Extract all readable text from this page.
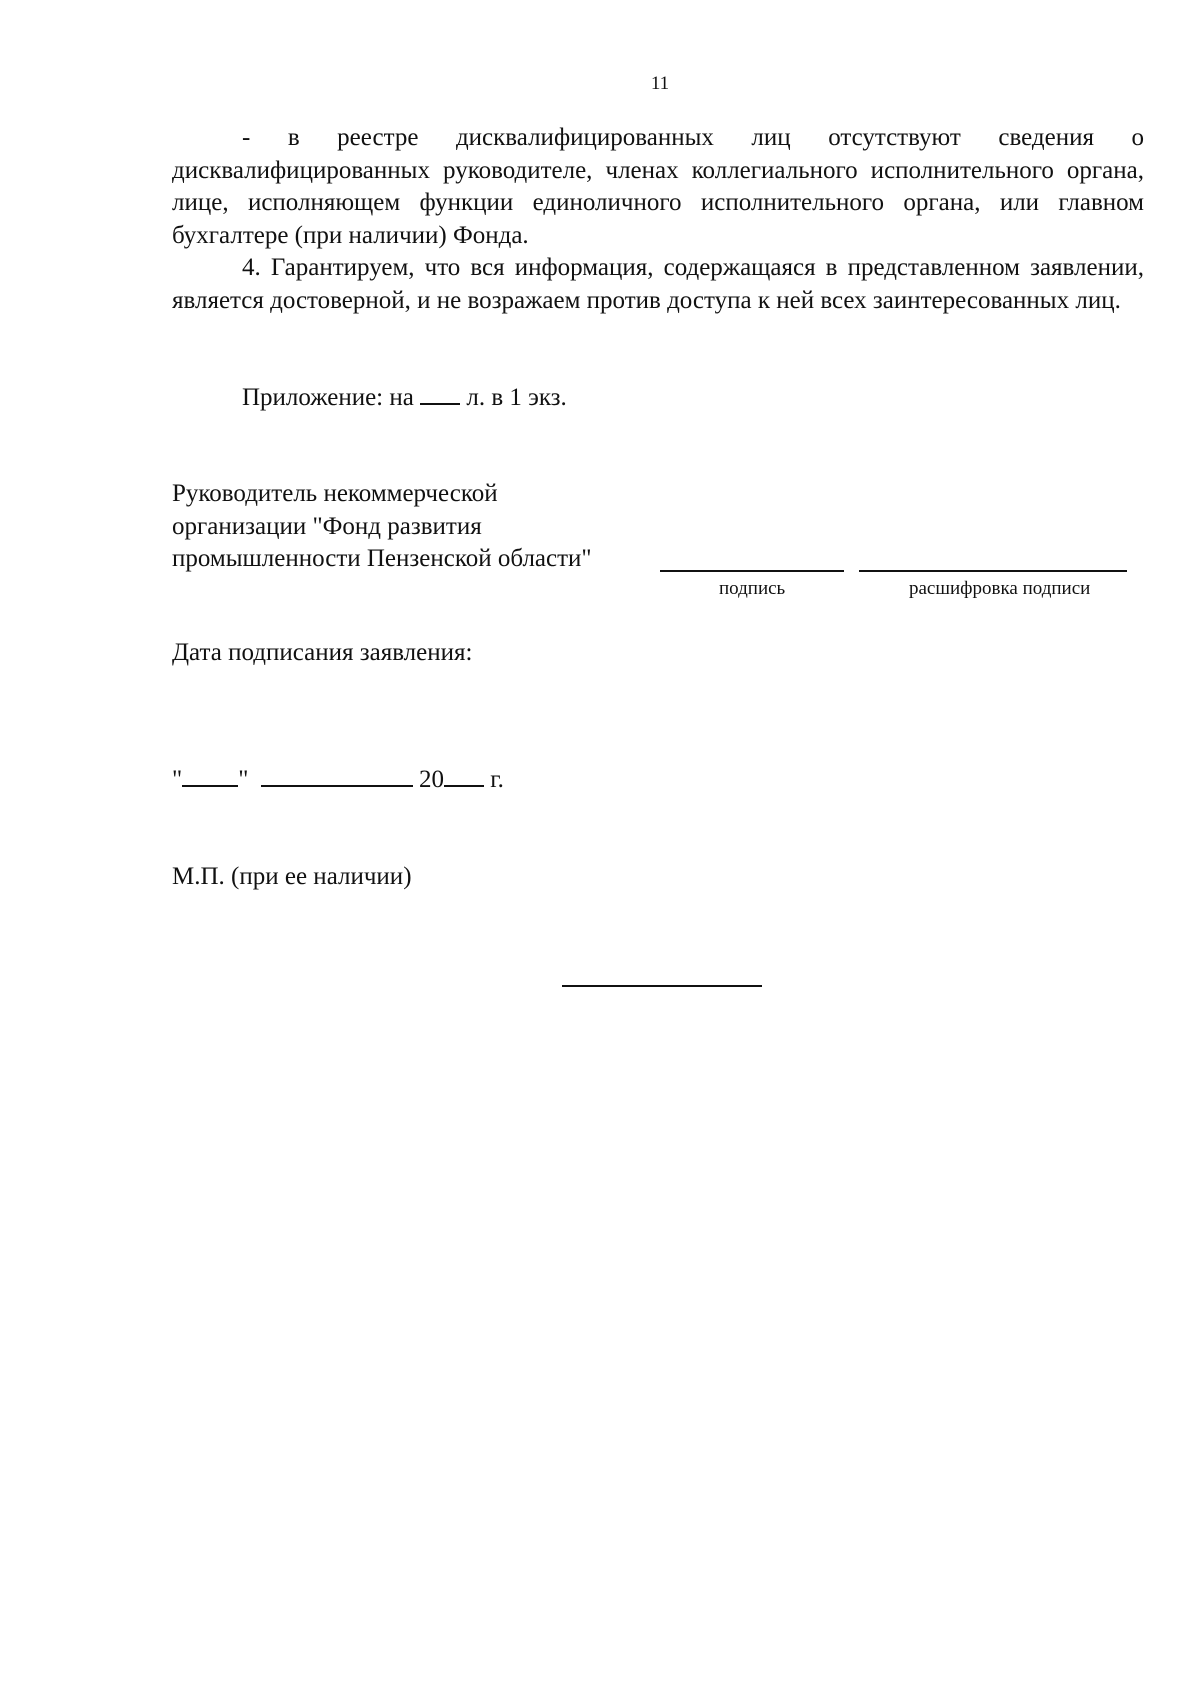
11

- в реестре дисквалифицированных лиц отсутствуют сведения о дисквалифицированных руководителе, членах коллегиального исполнительного органа, лице, исполняющем функции единоличного исполнительного органа, или главном бухгалтере (при наличии) Фонда.

4. Гарантируем, что вся информация, содержащаяся в представленном заявлении, является достоверной, и не возражаем против доступа к ней всех заинтересованных лиц.

Приложение: на л. в 1 экз.
Руководитель некоммерческой
организации "Фонд развития
промышленности Пензенской области"
подпись	расшифровка подписи
Дата подписания заявления:
" "	20 г.
М.П. (при ее наличии)
